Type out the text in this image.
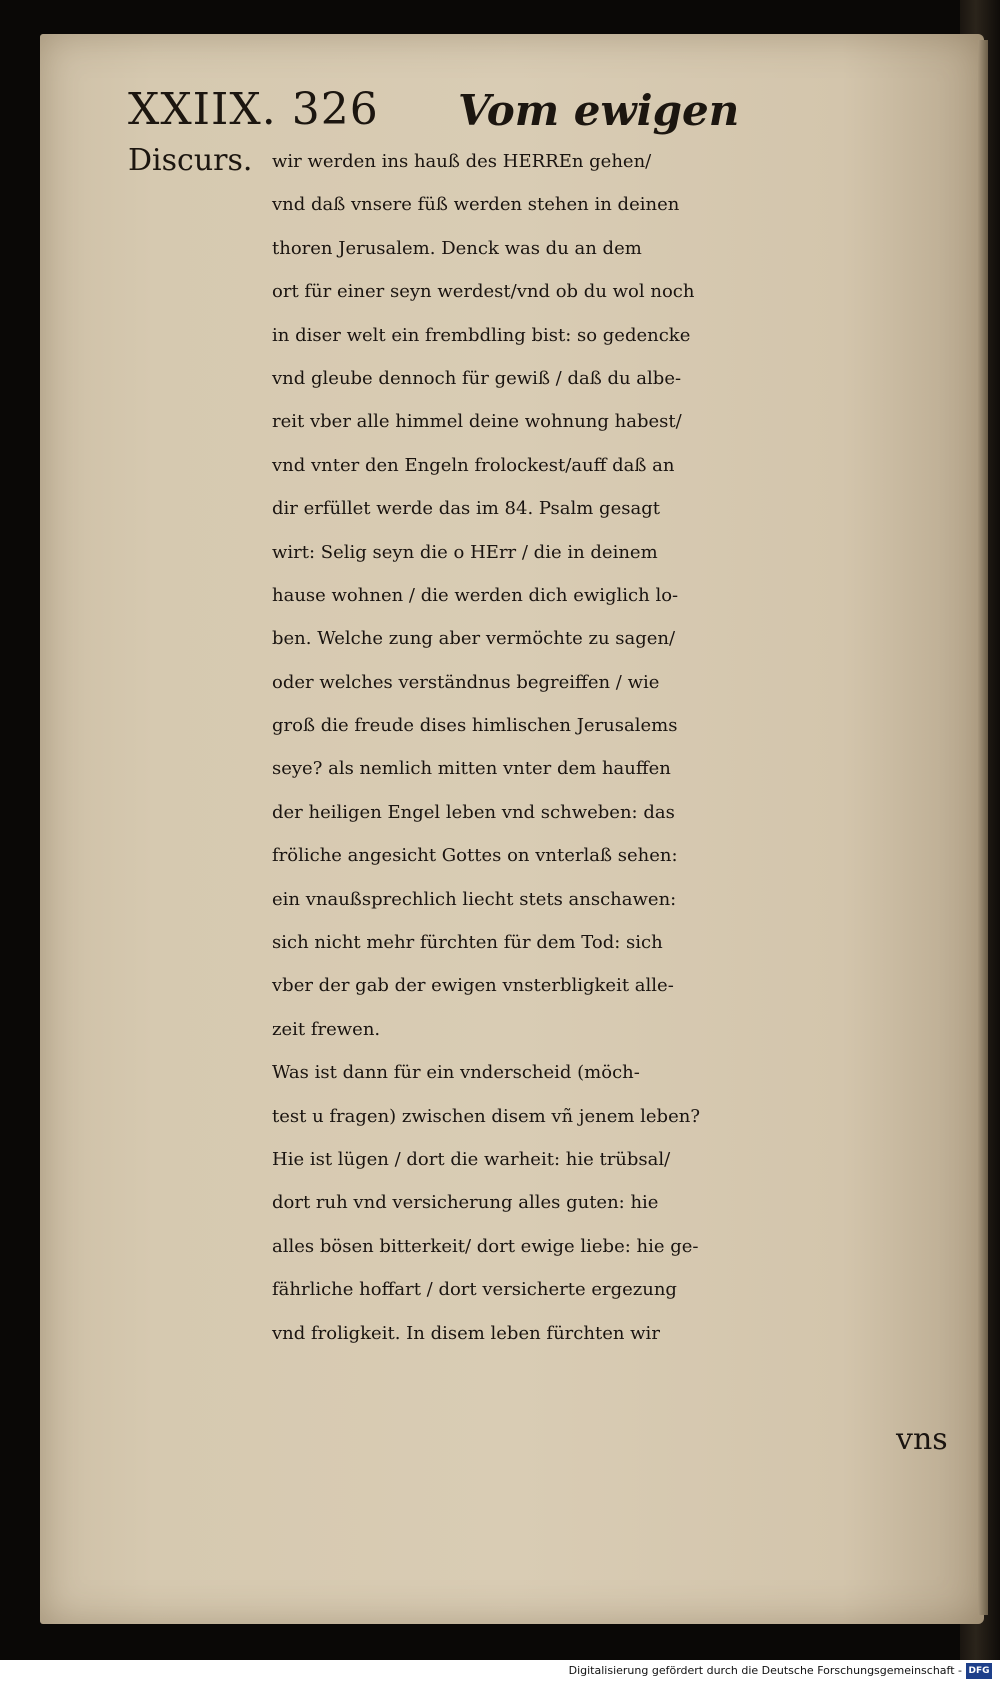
XXIIX. 326 Vom ewigen
Discurs. wir werden ins hauß des HERREn gehen/
vnd daß vnsere füß werden stehen in deinen
thoren Jerusalem. Denck was du an dem
ort für einer seyn werdest/vnd ob du wol noch
in diser welt ein frembdling bist: so gedencke
vnd gleube dennoch für gewiß / daß du albe-
reit vber alle himmel deine wohnung habest/
vnd vnter den Engeln frolockest/auff daß an
dir erfüllet werde das im 84. Psalm gesagt
wirt: Selig seyn die o HErr / die in deinem
hause wohnen / die werden dich ewiglich lo-
ben. Welche zung aber vermöchte zu sagen/
oder welches verständnus begreiffen / wie
groß die freude dises himlischen Jerusalems
seye? als nemlich mitten vnter dem hauffen
der heiligen Engel leben vnd schweben: das
fröliche angesicht Gottes on vnterlaß sehen:
ein vnaußsprechlich liecht stets anschawen:
sich nicht mehr fürchten für dem Tod: sich
vber der gab der ewigen vnsterbligkeit alle-
zeit frewen.
Was ist dann für ein vnderscheid (möch-
test u fragen) zwischen disem vñ jenem leben?
Hie ist lügen / dort die warheit: hie trübsal/
dort ruh vnd versicherung alles guten: hie
alles bösen bitterkeit/ dort ewige liebe: hie ge-
fährliche hoffart / dort versicherte ergezung
vnd froligkeit. In disem leben fürchten wir
vns
Digitalisierung gefördert durch die Deutsche Forschungsgemeinschaft - DFG
